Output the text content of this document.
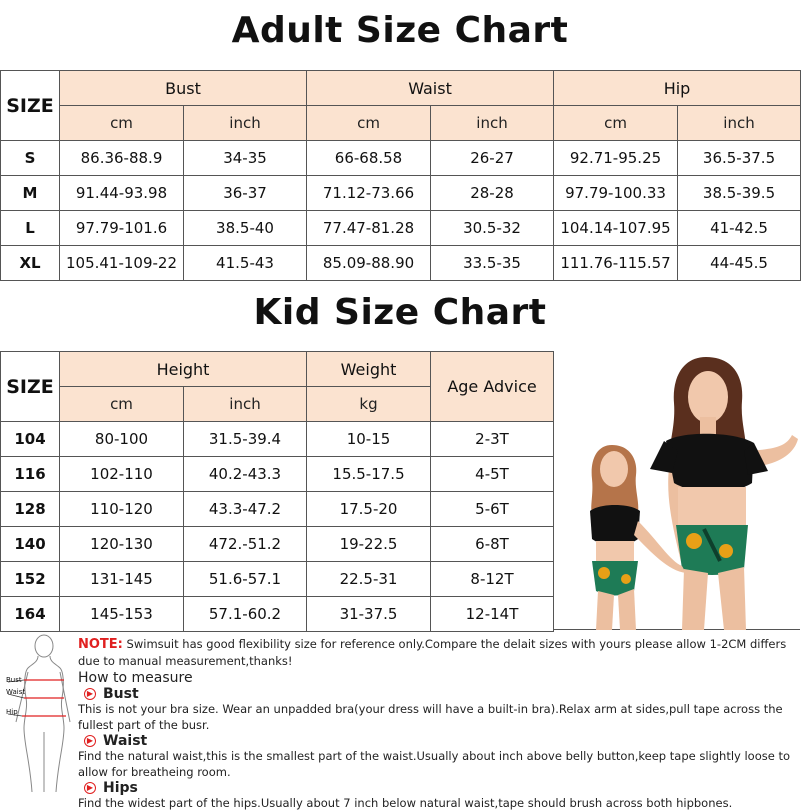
Adult Size Chart
SIZE	Bust		Waist		Hip	
	cm	inch	cm	inch	cm	inch
S	86.36-88.9	34-35	66-68.58	26-27	92.71-95.25	36.5-37.5
M	91.44-93.98	36-37	71.12-73.66	28-28	97.79-100.33	38.5-39.5
L	97.79-101.6	38.5-40	77.47-81.28	30.5-32	104.14-107.95	41-42.5
XL	105.41-109-22	41.5-43	85.09-88.90	33.5-35	111.76-115.57	44-45.5
Kid Size Chart
SIZE	Height		Weight	Age Advice
	cm	inch	kg	
104	80-100	31.5-39.4	10-15	2-3T
116	102-110	40.2-43.3	15.5-17.5	4-5T
128	110-120	43.3-47.2	17.5-20	5-6T
140	120-130	472.-51.2	19-22.5	6-8T
152	131-145	51.6-57.1	22.5-31	8-12T
164	145-153	57.1-60.2	31-37.5	12-14T
Bust
Waist
Hip
NOTE: Swimsuit has good flexibility size for reference only.Compare the delait sizes with yours please allow 1-2CM differs due to manual measurement,thanks!
How to measure
▶ Bust
This is not your bra size. Wear an unpadded bra(your dress will have a built-in bra).Relax arm at sides,pull tape across the fullest part of the busr.
▶ Waist
Find the natural waist,this is the smallest part of the waist.Usually about inch above belly button,keep tape slightly loose to allow for breatheing room.
▶ Hips
Find the widest part of the hips.Usually about 7 inch below natural waist,tape should brush across both hipbones.
